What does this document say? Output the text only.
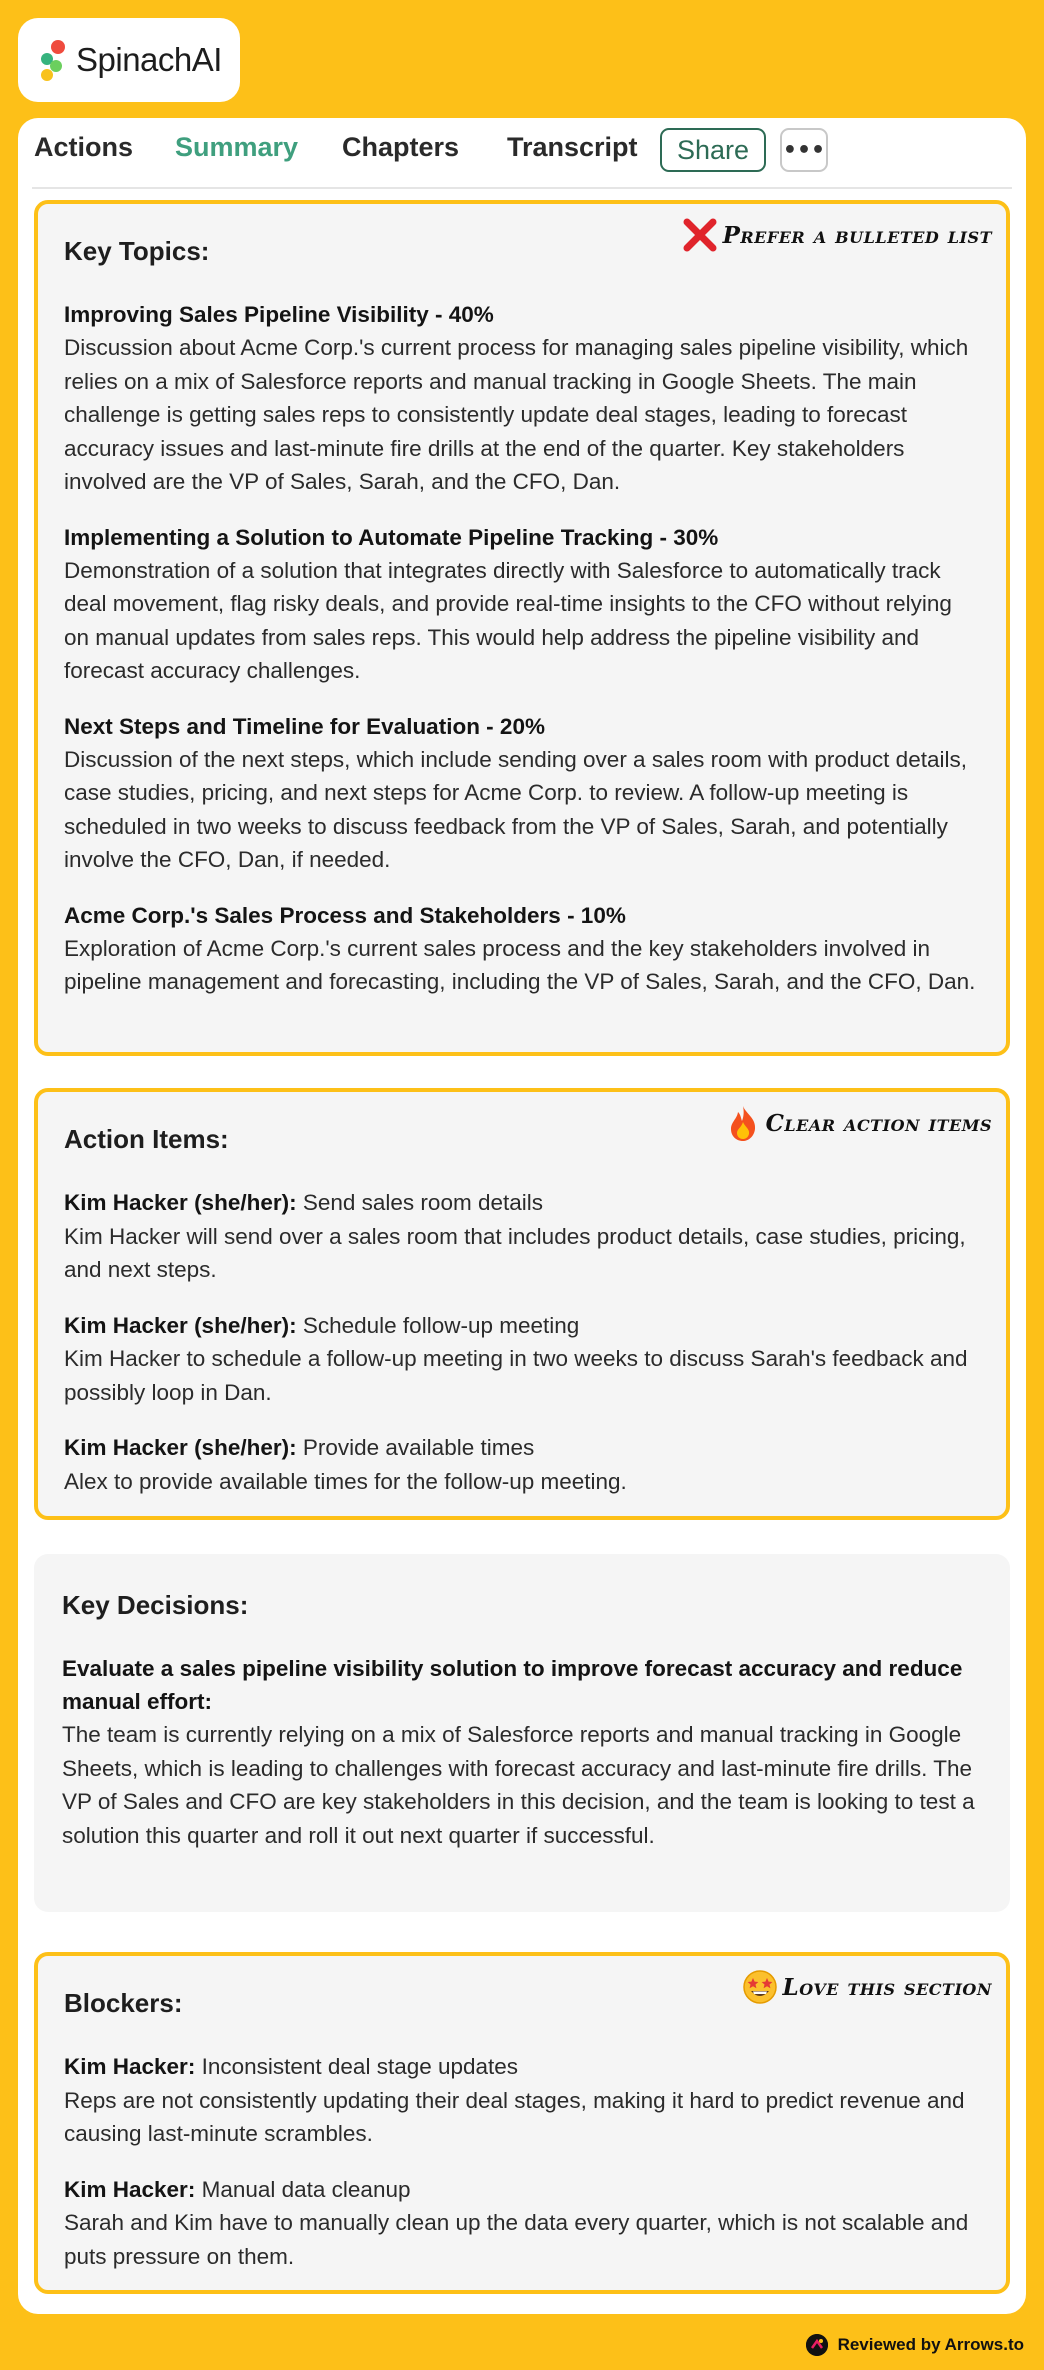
SpinachAI
Actions Summary Chapters Transcript	Share	•••
Prefer a bulleted list
Key Topics:
Improving Sales Pipeline Visibility - 40%
Discussion about Acme Corp.'s current process for managing sales pipeline visibility, which relies on a mix of Salesforce reports and manual tracking in Google Sheets. The main challenge is getting sales reps to consistently update deal stages, leading to forecast accuracy issues and last-minute fire drills at the end of the quarter. Key stakeholders involved are the VP of Sales, Sarah, and the CFO, Dan.
Implementing a Solution to Automate Pipeline Tracking - 30%
Demonstration of a solution that integrates directly with Salesforce to automatically track deal movement, flag risky deals, and provide real-time insights to the CFO without relying on manual updates from sales reps. This would help address the pipeline visibility and forecast accuracy challenges.
Next Steps and Timeline for Evaluation - 20%
Discussion of the next steps, which include sending over a sales room with product details, case studies, pricing, and next steps for Acme Corp. to review. A follow-up meeting is scheduled in two weeks to discuss feedback from the VP of Sales, Sarah, and potentially involve the CFO, Dan, if needed.
Acme Corp.'s Sales Process and Stakeholders - 10%
Exploration of Acme Corp.'s current sales process and the key stakeholders involved in pipeline management and forecasting, including the VP of Sales, Sarah, and the CFO, Dan.
Clear action items
Action Items:
Kim Hacker (she/her): Send sales room details
Kim Hacker will send over a sales room that includes product details, case studies, pricing, and next steps.
Kim Hacker (she/her): Schedule follow-up meeting
Kim Hacker to schedule a follow-up meeting in two weeks to discuss Sarah's feedback and possibly loop in Dan.
Kim Hacker (she/her): Provide available times
Alex to provide available times for the follow-up meeting.
Key Decisions:
Evaluate a sales pipeline visibility solution to improve forecast accuracy and reduce manual effort:
The team is currently relying on a mix of Salesforce reports and manual tracking in Google Sheets, which is leading to challenges with forecast accuracy and last-minute fire drills. The VP of Sales and CFO are key stakeholders in this decision, and the team is looking to test a solution this quarter and roll it out next quarter if successful.
Love this section
Blockers:
Kim Hacker: Inconsistent deal stage updates
Reps are not consistently updating their deal stages, making it hard to predict revenue and causing last-minute scrambles.
Kim Hacker: Manual data cleanup
Sarah and Kim have to manually clean up the data every quarter, which is not scalable and puts pressure on them.
Reviewed by Arrows.to
